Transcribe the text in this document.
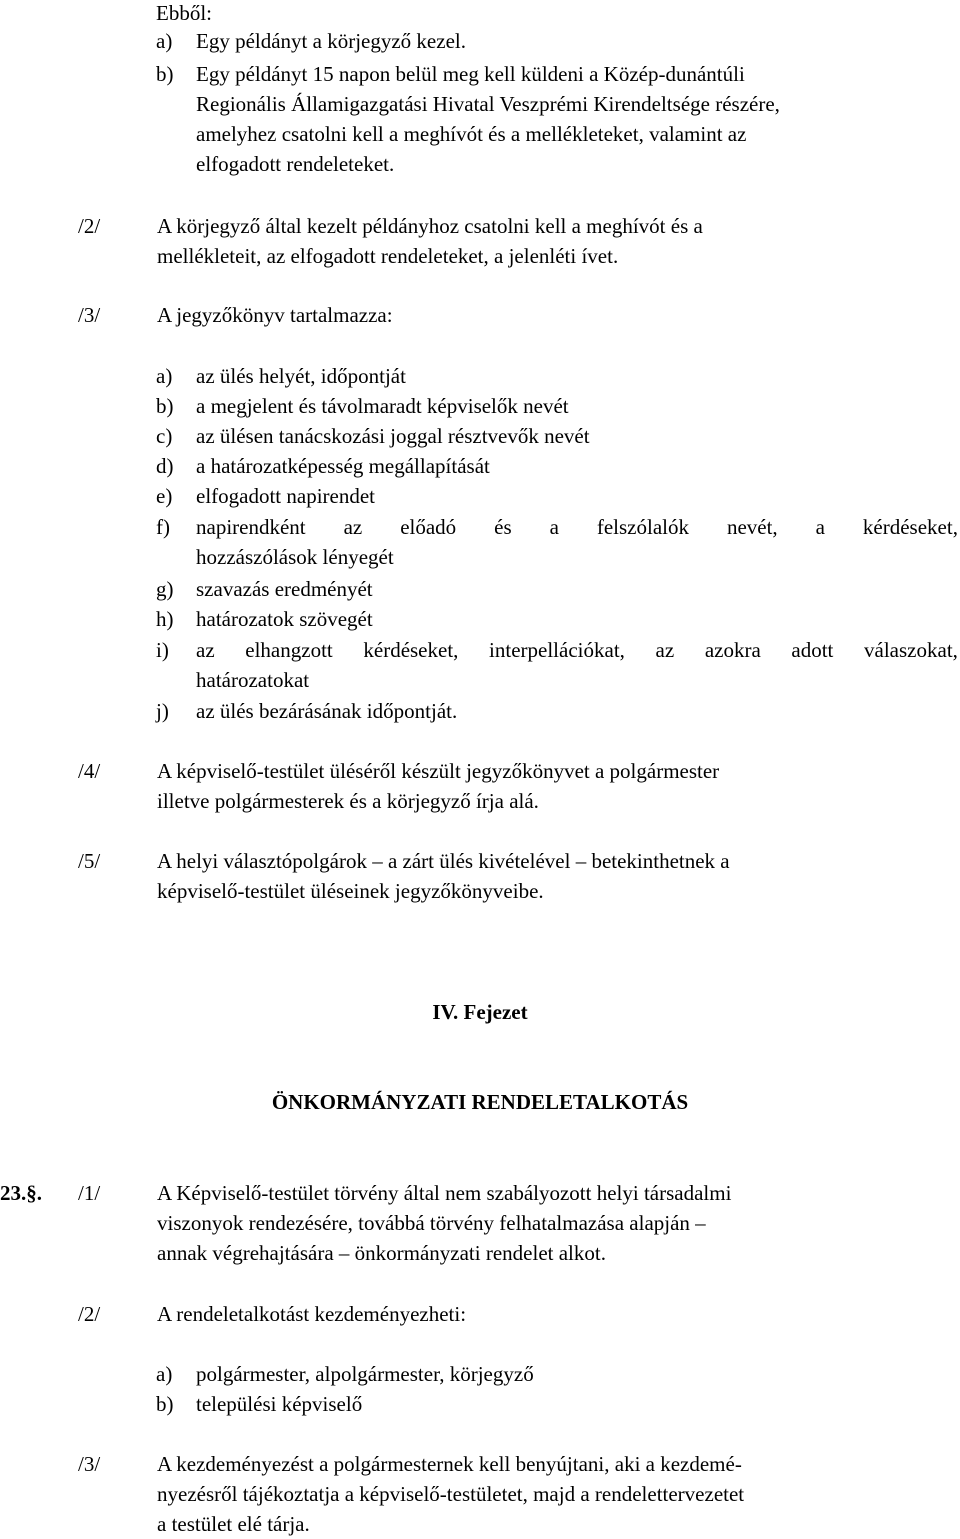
Ebből:
a) Egy példányt a körjegyző kezel.
b) Egy példányt 15 napon belül meg kell küldeni a Közép-dunántúli
Regionális Államigazgatási Hivatal Veszprémi Kirendeltsége részére,
amelyhez csatolni kell a meghívót és a mellékleteket, valamint az
elfogadott rendeleteket.
/2/	A körjegyző által kezelt példányhoz csatolni kell a meghívót és a
mellékleteit, az elfogadott rendeleteket, a jelenléti ívet.
/3/	A jegyzőkönyv tartalmazza:
a) az ülés helyét, időpontját
b) a megjelent és távolmaradt képviselők nevét
c) az ülésen tanácskozási joggal résztvevők nevét
d) a határozatképesség megállapítását
e) elfogadott napirendet
f) napirendként az előadó és a felszólalók nevét, a kérdéseket,
hozzászólások lényegét
g) szavazás eredményét
h) határozatok szövegét
i) az elhangzott kérdéseket, interpellációkat, az azokra adott válaszokat,
határozatokat
j) az ülés bezárásának időpontját.
/4/	A képviselő-testület üléséről készült jegyzőkönyvet a polgármester
illetve polgármesterek és a körjegyző írja alá.
/5/	A helyi választópolgárok – a zárt ülés kivételével – betekinthetnek a
képviselő-testület üléseinek jegyzőkönyveibe.
IV. Fejezet
ÖNKORMÁNYZATI RENDELETALKOTÁS
23.§. /1/	A Képviselő-testület törvény által nem szabályozott helyi társadalmi
viszonyok rendezésére, továbbá törvény felhatalmazása alapján –
annak végrehajtására – önkormányzati rendelet alkot.
/2/	A rendeletalkotást kezdeményezheti:
a) polgármester, alpolgármester, körjegyző
b) települési képviselő
/3/	A kezdeményezést a polgármesternek kell benyújtani, aki a kezdemé-
nyezésről tájékoztatja a képviselő-testületet, majd a rendelettervezetet
a testület elé tárja.
